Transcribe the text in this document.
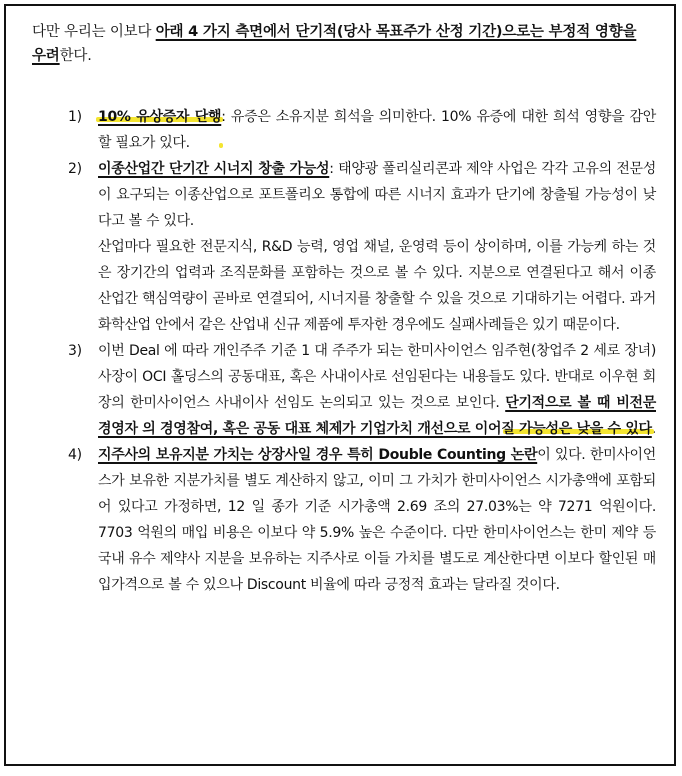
다만 우리는 이보다 아래 4 가지 측면에서 단기적(당사 목표주가 산정 기간)으로는 부정적 영향을 우려한다.

1) 10% 유상증자 단행: 유증은 소유지분 희석을 의미한다. 10% 유증에 대한 희석 영향을 감안할 필요가 있다.

2) 이종산업간 단기간 시너지 창출 가능성: 태양광 폴리실리콘과 제약 사업은 각각 고유의 전문성이 요구되는 이종산업으로 포트폴리오 통합에 따른 시너지 효과가 단기에 창출될 가능성이 낮다고 볼 수 있다.

산업마다 필요한 전문지식, R&D 능력, 영업 채널, 운영력 등이 상이하며, 이를 가능케 하는 것은 장기간의 업력과 조직문화를 포함하는 것으로 볼 수 있다. 지분으로 연결된다고 해서 이종 산업간 핵심역량이 곧바로 연결되어, 시너지를 창출할 수 있을 것으로 기대하기는 어렵다. 과거 화학산업 안에서 같은 산업내 신규 제품에 투자한 경우에도 실패사례들은 있기 때문이다.

3) 이번 Deal 에 따라 개인주주 기준 1 대 주주가 되는 한미사이언스 임주현(창업주 2 세로 장녀) 사장이 OCI 홀딩스의 공동대표, 혹은 사내이사로 선임된다는 내용들도 있다. 반대로 이우현 회장의 한미사이언스 사내이사 선임도 논의되고 있는 것으로 보인다. 단기적으로 볼 때 비전문 경영자 의 경영참여, 혹은 공동 대표 체제가 기업가치 개선으로 이어질 가능성은 낮을 수 있다.

4) 지주사의 보유지분 가치는 상장사일 경우 특히 Double Counting 논란이 있다. 한미사이언스가 보유한 지분가치를 별도 계산하지 않고, 이미 그 가치가 한미사이언스 시가총액에 포함되어 있다고 가정하면, 12 일 종가 기준 시가총액 2.69 조의 27.03%는 약 7271 억원이다. 7703 억원의 매입 비용은 이보다 약 5.9% 높은 수준이다. 다만 한미사이언스는 한미 제약 등 국내 유수 제약사 지분을 보유하는 지주사로 이들 가치를 별도로 계산한다면 이보다 할인된 매입가격으로 볼 수 있으나 Discount 비율에 따라 긍정적 효과는 달라질 것이다.
